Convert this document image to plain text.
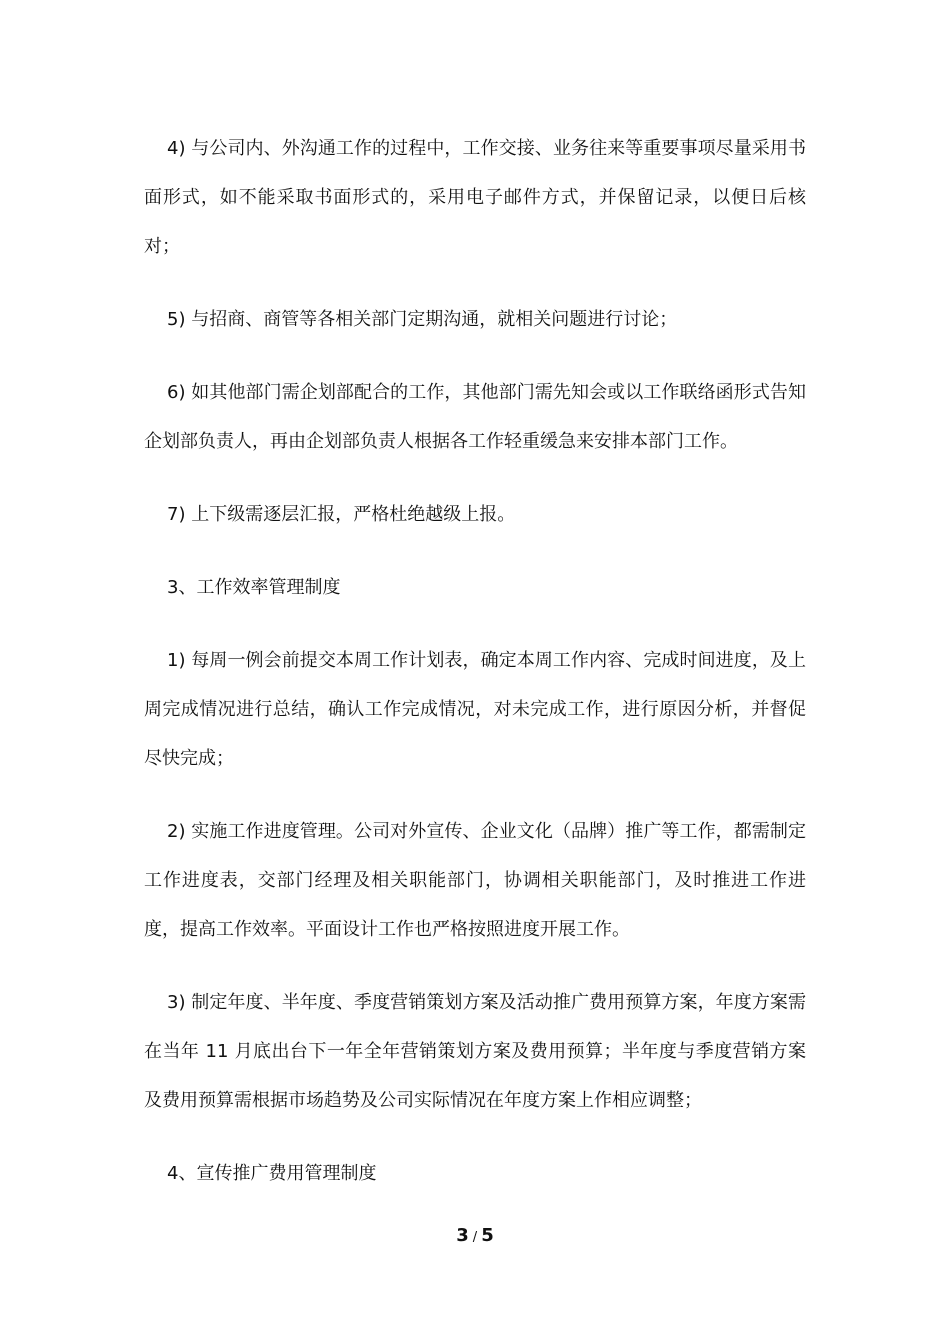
4) 与公司内、外沟通工作的过程中，工作交接、业务往来等重要事项尽量采用书面形式，如不能采取书面形式的，采用电子邮件方式，并保留记录，以便日后核对；

5) 与招商、商管等各相关部门定期沟通，就相关问题进行讨论；

6) 如其他部门需企划部配合的工作，其他部门需先知会或以工作联络函形式告知企划部负责人，再由企划部负责人根据各工作轻重缓急来安排本部门工作。

7) 上下级需逐层汇报，严格杜绝越级上报。

3、工作效率管理制度

1) 每周一例会前提交本周工作计划表，确定本周工作内容、完成时间进度，及上周完成情况进行总结，确认工作完成情况，对未完成工作，进行原因分析，并督促尽快完成；

2) 实施工作进度管理。公司对外宣传、企业文化（品牌）推广等工作，都需制定工作进度表，交部门经理及相关职能部门，协调相关职能部门，及时推进工作进度，提高工作效率。平面设计工作也严格按照进度开展工作。

3) 制定年度、半年度、季度营销策划方案及活动推广费用预算方案，年度方案需在当年 11 月底出台下一年全年营销策划方案及费用预算；半年度与季度营销方案及费用预算需根据市场趋势及公司实际情况在年度方案上作相应调整；

4、宣传推广费用管理制度

3 / 5
